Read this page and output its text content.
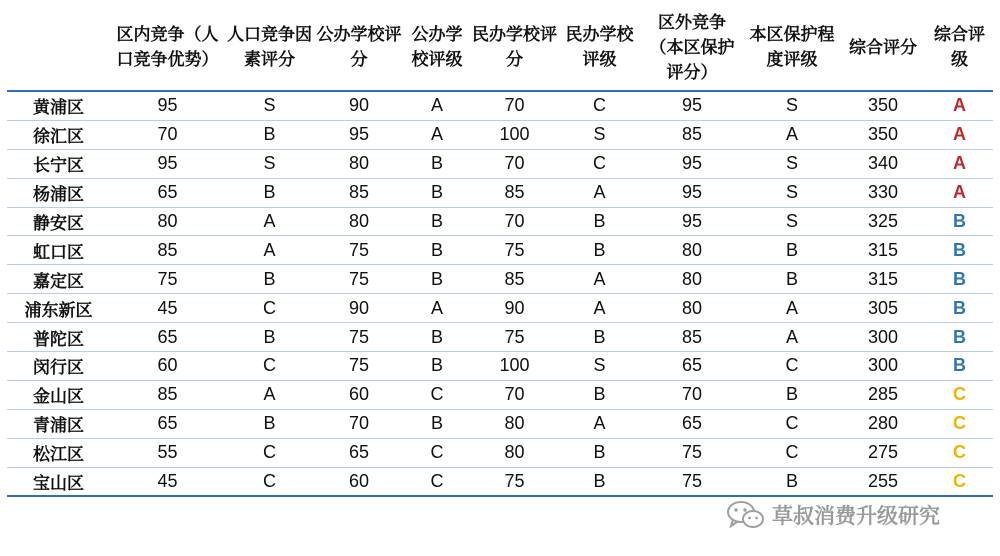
	区内竞争（人口竞争优势）	人口竞争因素评分	公办学校评分	公办学校评级	民办学校评分	民办学校评级	区外竞争（本区保护评分）	本区保护程度评级	综合评分	综合评级
黄浦区	95	S	90	A	70	C	95	S	350	A
徐汇区	70	B	95	A	100	S	85	A	350	A
长宁区	95	S	80	B	70	C	95	S	340	A
杨浦区	65	B	85	B	85	A	95	S	330	A
静安区	80	A	80	B	70	B	95	S	325	B
虹口区	85	A	75	B	75	B	80	B	315	B
嘉定区	75	B	75	B	85	A	80	B	315	B
浦东新区	45	C	90	A	90	A	80	A	305	B
普陀区	65	B	75	B	75	B	85	A	300	B
闵行区	60	C	75	B	100	S	65	C	300	B
金山区	85	A	60	C	70	B	70	B	285	C
青浦区	65	B	70	B	80	A	65	C	280	C
松江区	55	C	65	C	80	B	75	C	275	C
宝山区	45	C	60	C	75	B	75	B	255	C
草叔消费升级研究
